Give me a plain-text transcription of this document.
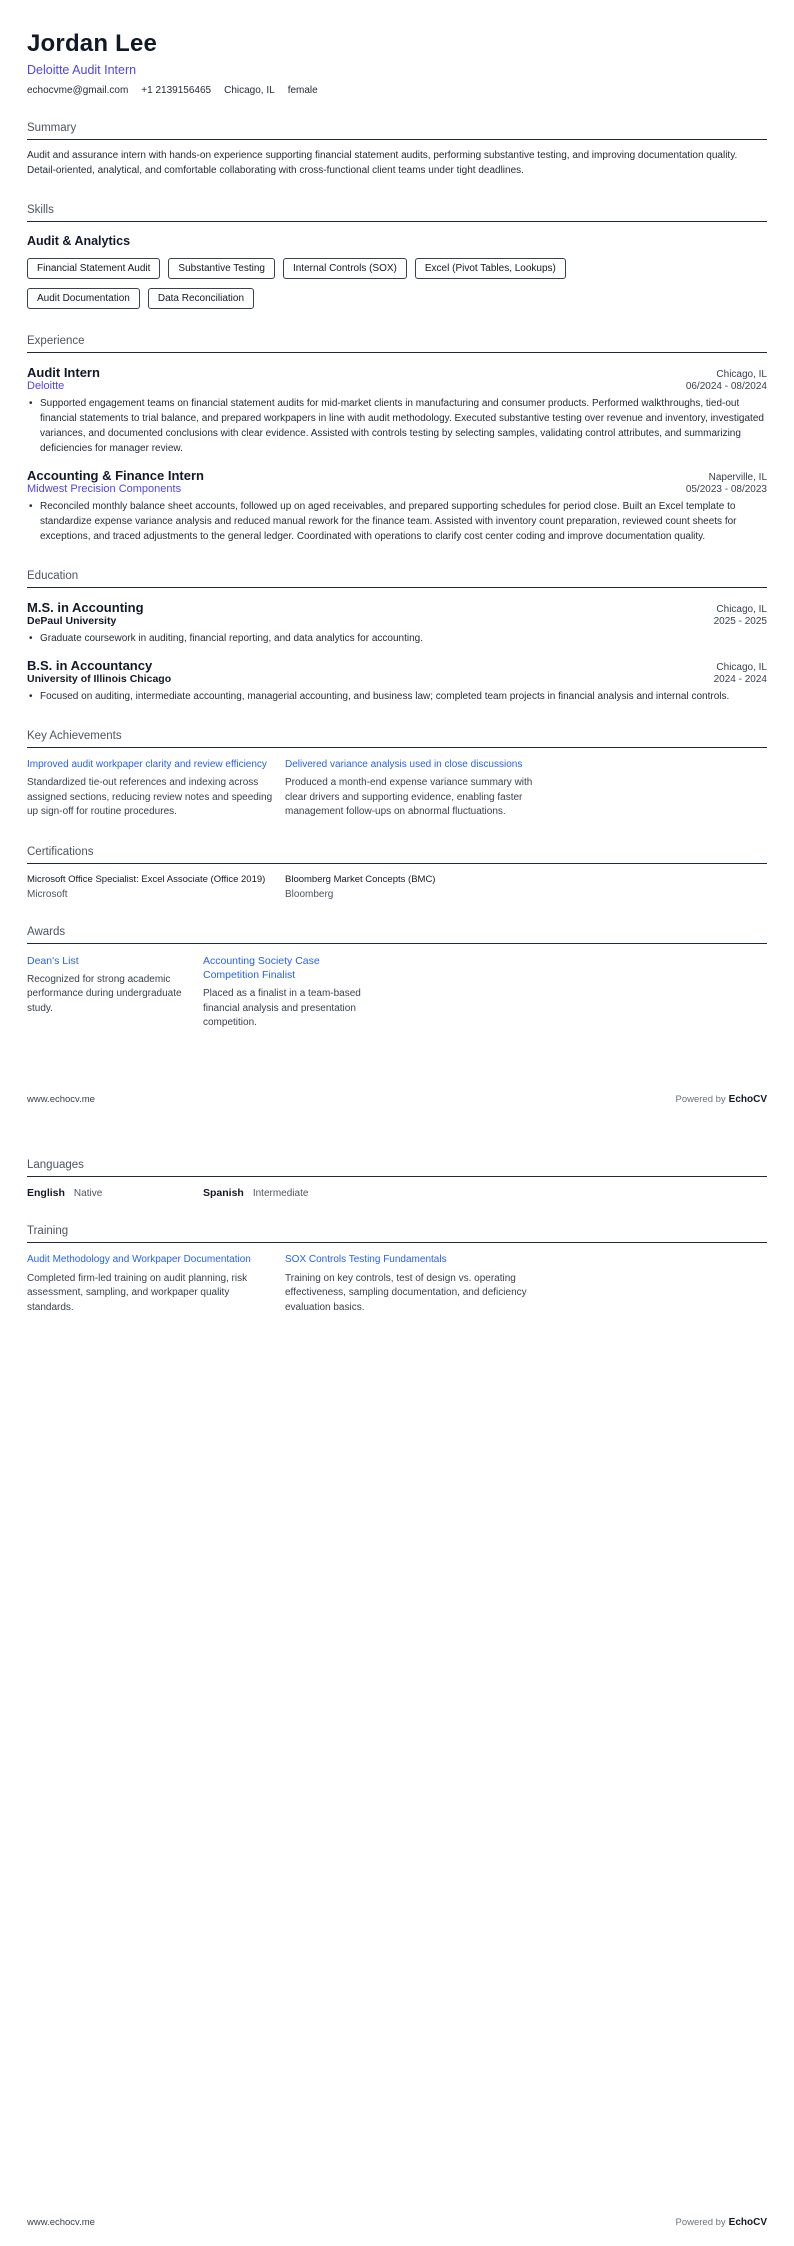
Jordan Lee
Deloitte Audit Intern
echocvme@gmail.com +1 2139156465 Chicago, IL female
Summary
Audit and assurance intern with hands-on experience supporting financial statement audits, performing substantive testing, and improving documentation quality. Detail-oriented, analytical, and comfortable collaborating with cross-functional client teams under tight deadlines.
Skills
Audit & Analytics
Financial Statement Audit	Substantive Testing	Internal Controls (SOX)	Excel (Pivot Tables, Lookups)
Audit Documentation	Data Reconciliation
Experience
Audit Intern	Chicago, IL
Deloitte	06/2024 - 08/2024
• Supported engagement teams on financial statement audits for mid-market clients in manufacturing and consumer products. Performed walkthroughs, tied-out financial statements to trial balance, and prepared workpapers in line with audit methodology. Executed substantive testing over revenue and inventory, investigated variances, and documented conclusions with clear evidence. Assisted with controls testing by selecting samples, validating control attributes, and summarizing deficiencies for manager review.
Accounting & Finance Intern	Naperville, IL
Midwest Precision Components	05/2023 - 08/2023
• Reconciled monthly balance sheet accounts, followed up on aged receivables, and prepared supporting schedules for period close. Built an Excel template to standardize expense variance analysis and reduced manual rework for the finance team. Assisted with inventory count preparation, reviewed count sheets for exceptions, and traced adjustments to the general ledger. Coordinated with operations to clarify cost center coding and improve documentation quality.
Education
M.S. in Accounting	Chicago, IL
DePaul University	2025 - 2025
• Graduate coursework in auditing, financial reporting, and data analytics for accounting.
B.S. in Accountancy	Chicago, IL
University of Illinois Chicago	2024 - 2024
• Focused on auditing, intermediate accounting, managerial accounting, and business law; completed team projects in financial analysis and internal controls.
Key Achievements
Improved audit workpaper clarity and review efficiency
Standardized tie-out references and indexing across assigned sections, reducing review notes and speeding up sign-off for routine procedures.
Delivered variance analysis used in close discussions
Produced a month-end expense variance summary with clear drivers and supporting evidence, enabling faster management follow-ups on abnormal fluctuations.
Certifications
Microsoft Office Specialist: Excel Associate (Office 2019)
Microsoft
Bloomberg Market Concepts (BMC)
Bloomberg
Awards
Dean's List
Recognized for strong academic performance during undergraduate study.
Accounting Society Case Competition Finalist
Placed as a finalist in a team-based financial analysis and presentation competition.
www.echocv.me	Powered by EchoCV
Languages
English Native	Spanish Intermediate
Training
Audit Methodology and Workpaper Documentation
Completed firm-led training on audit planning, risk assessment, sampling, and workpaper quality standards.
SOX Controls Testing Fundamentals
Training on key controls, test of design vs. operating effectiveness, sampling documentation, and deficiency evaluation basics.
www.echocv.me	Powered by EchoCV
